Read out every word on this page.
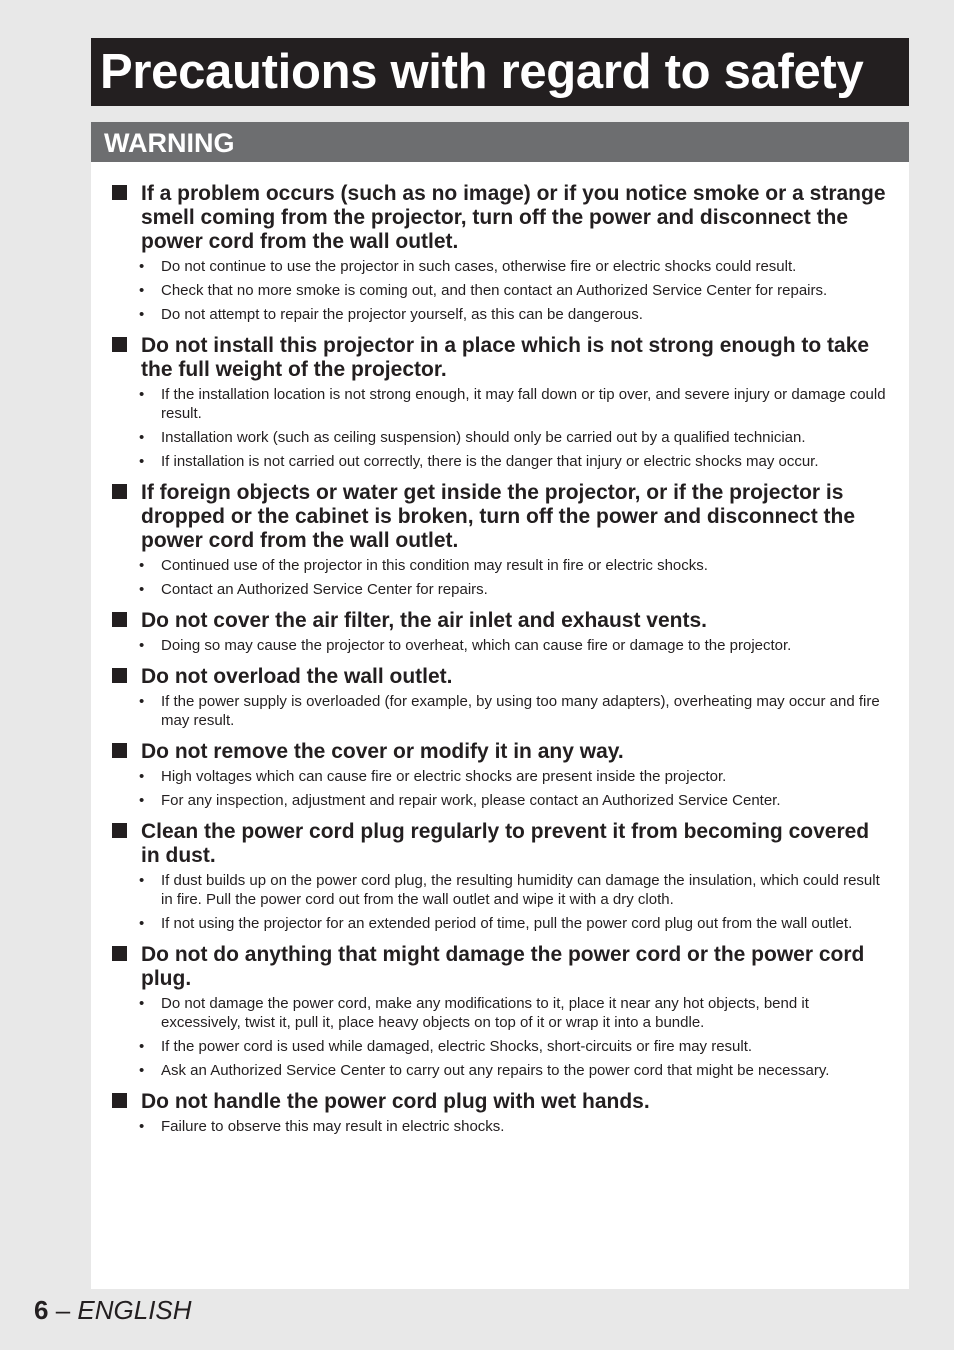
Precautions with regard to safety
WARNING
If a problem occurs (such as no image) or if you notice smoke or a strange smell coming from the projector, turn off the power and disconnect the power cord from the wall outlet.
• Do not continue to use the projector in such cases, otherwise fire or electric shocks could result.
• Check that no more smoke is coming out, and then contact an Authorized Service Center for repairs.
• Do not attempt to repair the projector yourself, as this can be dangerous.
Do not install this projector in a place which is not strong enough to take the full weight of the projector.
• If the installation location is not strong enough, it may fall down or tip over, and severe injury or damage could result.
• Installation work (such as ceiling suspension) should only be carried out by a qualified technician.
• If installation is not carried out correctly, there is the danger that injury or electric shocks may occur.
If foreign objects or water get inside the projector, or if the projector is dropped or the cabinet is broken, turn off the power and disconnect the power cord from the wall outlet.
• Continued use of the projector in this condition may result in fire or electric shocks.
• Contact an Authorized Service Center for repairs.
Do not cover the air filter, the air inlet and exhaust vents.
• Doing so may cause the projector to overheat, which can cause fire or damage to the projector.
Do not overload the wall outlet.
• If the power supply is overloaded (for example, by using too many adapters), overheating may occur and fire may result.
Do not remove the cover or modify it in any way.
• High voltages which can cause fire or electric shocks are present inside the projector.
• For any inspection, adjustment and repair work, please contact an Authorized Service Center.
Clean the power cord plug regularly to prevent it from becoming covered in dust.
• If dust builds up on the power cord plug, the resulting humidity can damage the insulation, which could result in fire. Pull the power cord out from the wall outlet and wipe it with a dry cloth.
• If not using the projector for an extended period of time, pull the power cord plug out from the wall outlet.
Do not do anything that might damage the power cord or the power cord plug.
• Do not damage the power cord, make any modifications to it, place it near any hot objects, bend it excessively, twist it, pull it, place heavy objects on top of it or wrap it into a bundle.
• If the power cord is used while damaged, electric Shocks, short-circuits or fire may result.
• Ask an Authorized Service Center to carry out any repairs to the power cord that might be necessary.
Do not handle the power cord plug with wet hands.
• Failure to observe this may result in electric shocks.
6 – ENGLISH
